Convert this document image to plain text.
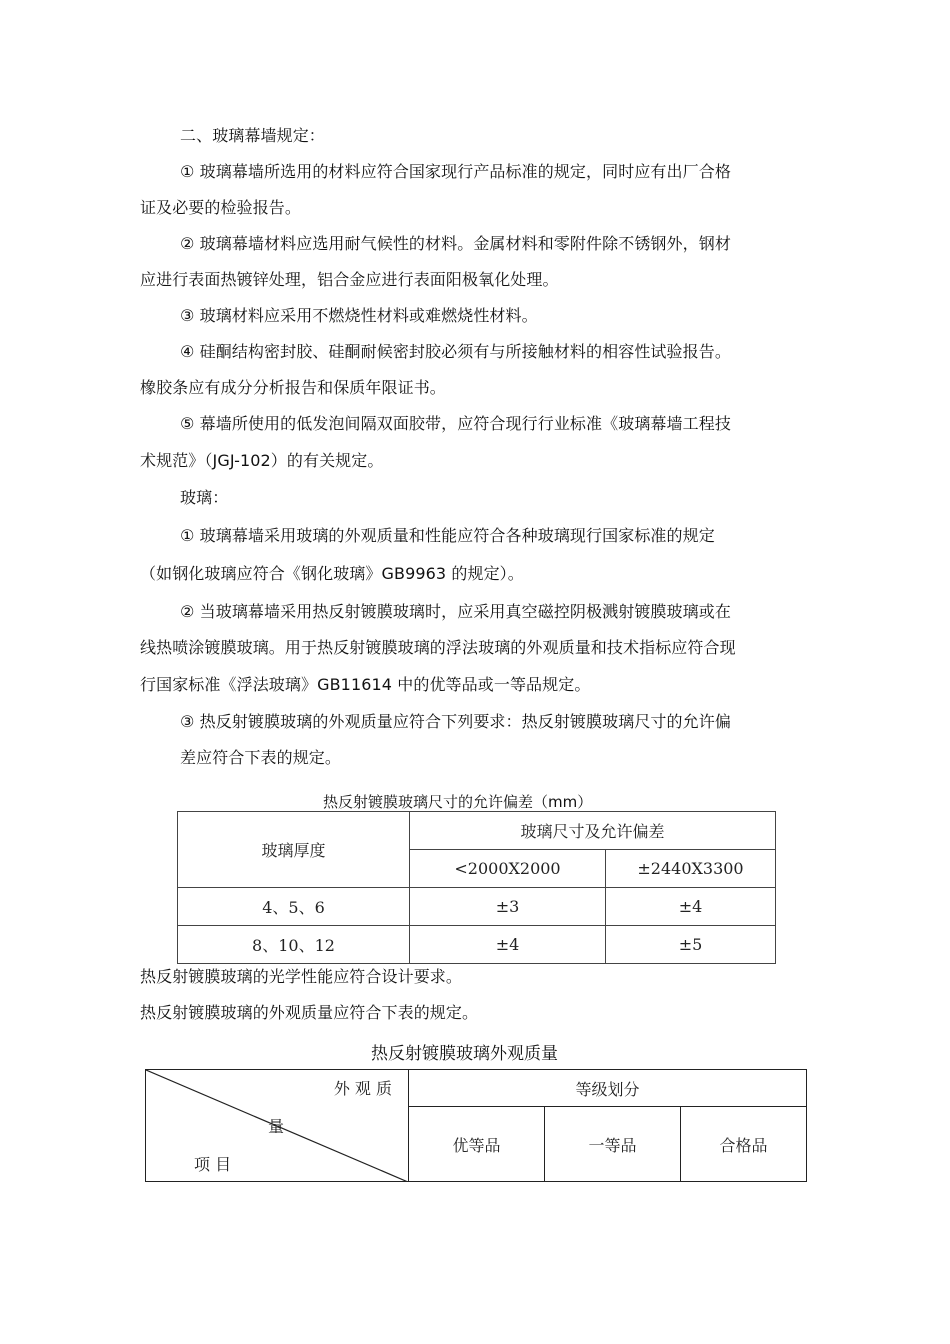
二、玻璃幕墙规定：
① 玻璃幕墙所选用的材料应符合国家现行产品标准的规定，同时应有出厂合格
证及必要的检验报告。
② 玻璃幕墙材料应选用耐气候性的材料。金属材料和零附件除不锈钢外，钢材
应进行表面热镀锌处理，铝合金应进行表面阳极氧化处理。
③ 玻璃材料应采用不燃烧性材料或难燃烧性材料。
④ 硅酮结构密封胶、硅酮耐候密封胶必须有与所接触材料的相容性试验报告。
橡胶条应有成分分析报告和保质年限证书。
⑤ 幕墙所使用的低发泡间隔双面胶带，应符合现行行业标准《玻璃幕墙工程技
术规范》（JGJ-102）的有关规定。
玻璃：
① 玻璃幕墙采用玻璃的外观质量和性能应符合各种玻璃现行国家标准的规定
（如钢化玻璃应符合《钢化玻璃》GB9963 的规定）。
② 当玻璃幕墙采用热反射镀膜玻璃时，应采用真空磁控阴极溅射镀膜玻璃或在
线热喷涂镀膜玻璃。用于热反射镀膜玻璃的浮法玻璃的外观质量和技术指标应符合现
行国家标准《浮法玻璃》GB11614 中的优等品或一等品规定。
③ 热反射镀膜玻璃的外观质量应符合下列要求：热反射镀膜玻璃尺寸的允许偏
差应符合下表的规定。
热反射镀膜玻璃尺寸的允许偏差（mm）
玻璃厚度	玻璃尺寸及允许偏差	
	<2000X2000	±2440X3300
4、5、6	±3	±4
8、10、12	±4	±5
热反射镀膜玻璃的光学性能应符合设计要求。
热反射镀膜玻璃的外观质量应符合下表的规定。
热反射镀膜玻璃外观质量
外 观 质
量
项 目	等级划分		
	优等品	一等品	合格品
